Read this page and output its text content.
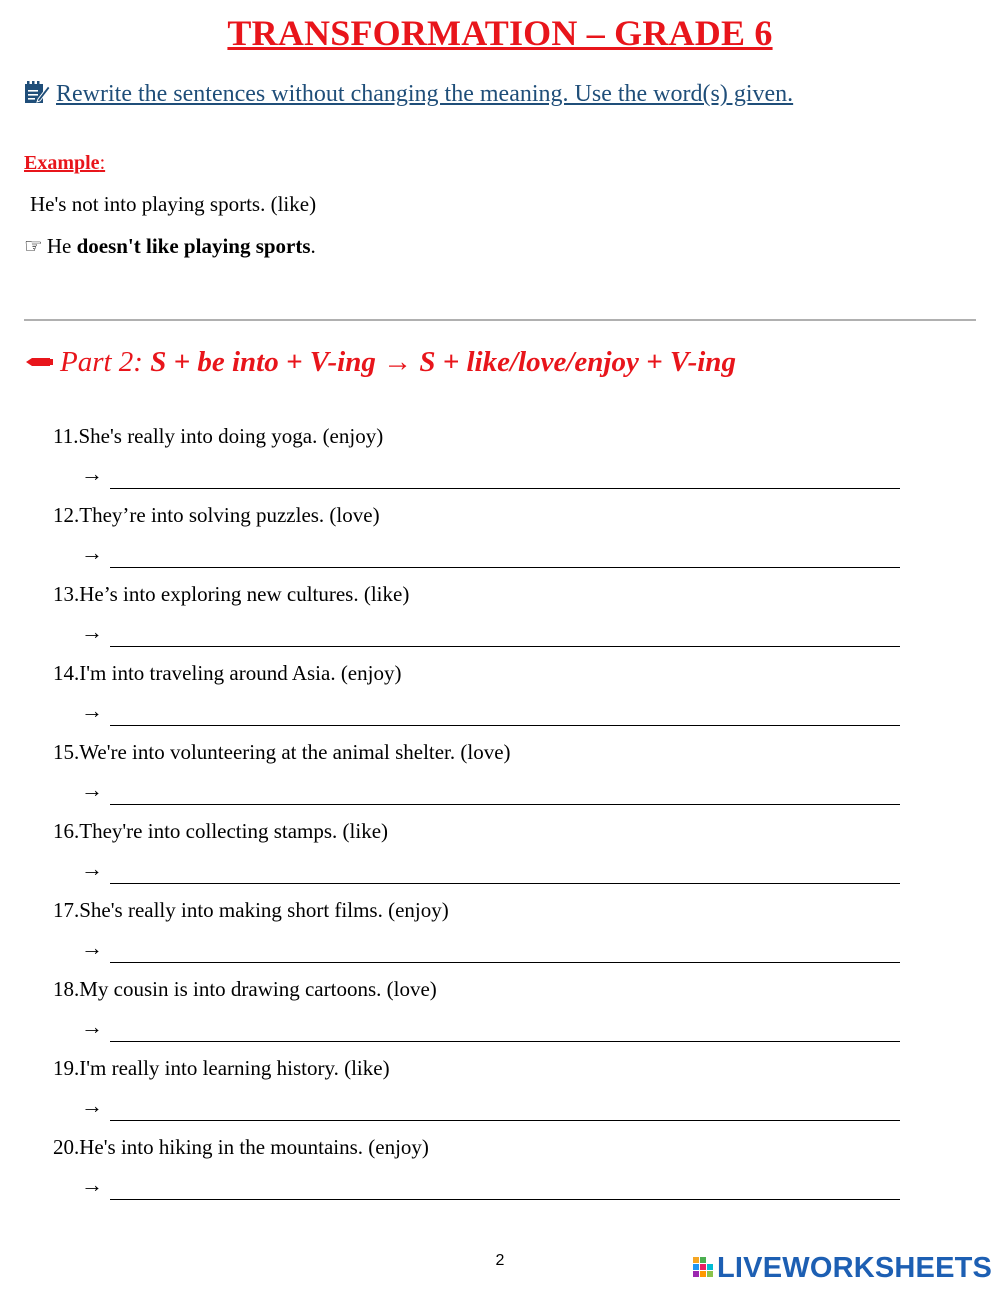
TRANSFORMATION – GRADE 6
Rewrite the sentences without changing the meaning. Use the word(s) given.
Example:
He's not into playing sports. (like)
☞ He doesn't like playing sports.
Part 2: S + be into + V-ing → S + like/love/enjoy + V-ing
11.She's really into doing yoga. (enjoy)
→
12.They’re into solving puzzles. (love)
→
13.He’s into exploring new cultures. (like)
→
14.I'm into traveling around Asia. (enjoy)
→
15.We're into volunteering at the animal shelter. (love)
→
16.They're into collecting stamps. (like)
→
17.She's really into making short films. (enjoy)
→
18.My cousin is into drawing cartoons. (love)
→
19.I'm really into learning history. (like)
→
20.He's into hiking in the mountains. (enjoy)
→
2	LIVEWORKSHEETS
